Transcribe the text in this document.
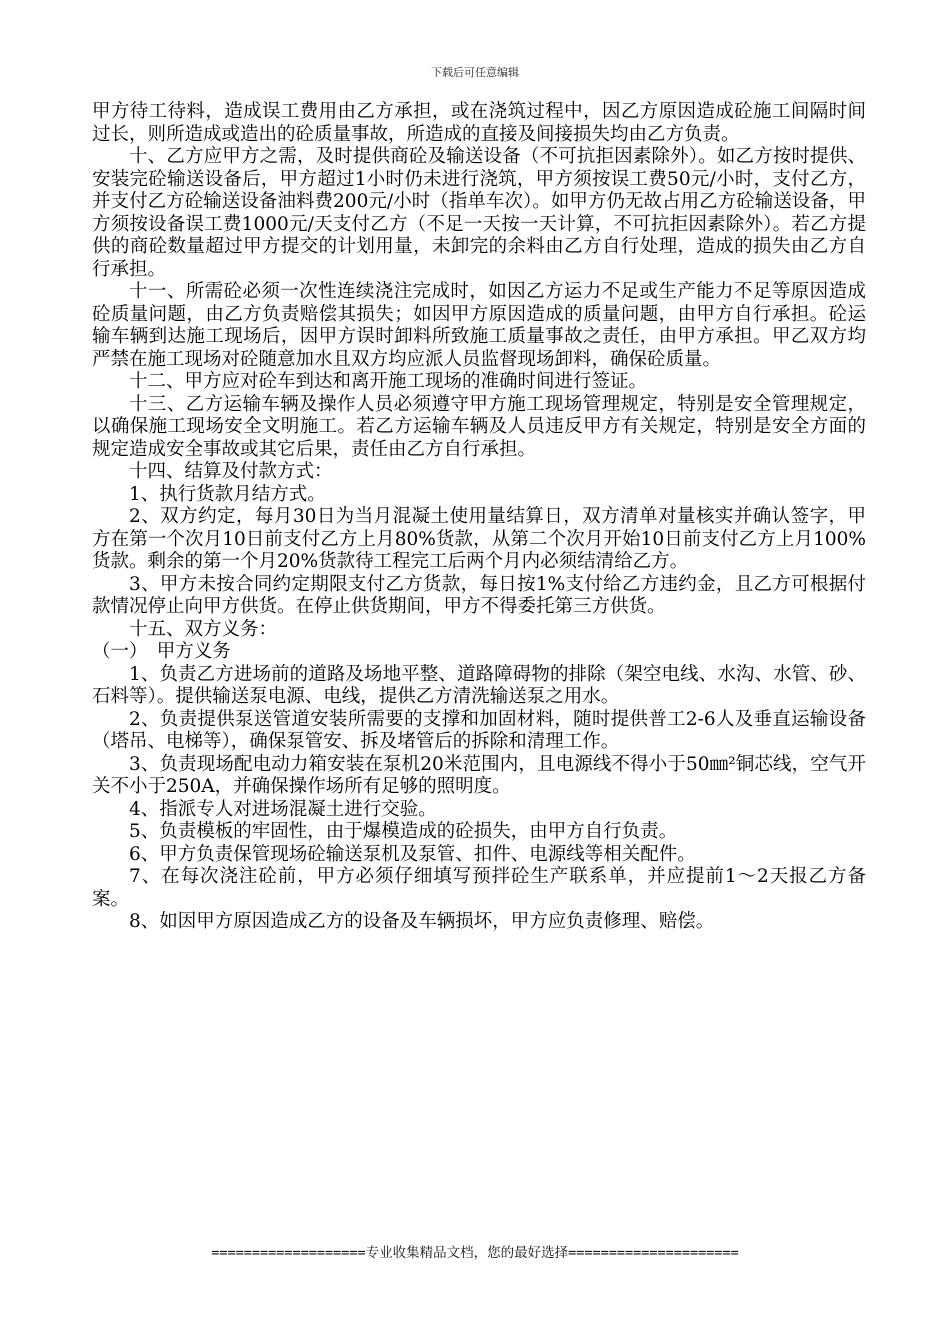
下载后可任意编辑

甲方待工待料，造成误工费用由乙方承担，或在浇筑过程中，因乙方原因造成砼施工间隔时间过长，则所造成或造出的砼质量事故，所造成的直接及间接损失均由乙方负责。

十、乙方应甲方之需，及时提供商砼及输送设备（不可抗拒因素除外）。如乙方按时提供、安装完砼输送设备后，甲方超过1小时仍未进行浇筑，甲方须按误工费50元/小时，支付乙方，并支付乙方砼输送设备油料费200元/小时（指单车次）。如甲方仍无故占用乙方砼输送设备，甲方须按设备误工费1000元/天支付乙方（不足一天按一天计算，不可抗拒因素除外）。若乙方提供的商砼数量超过甲方提交的计划用量，未卸完的余料由乙方自行处理，造成的损失由乙方自行承担。

十一、所需砼必须一次性连续浇注完成时，如因乙方运力不足或生产能力不足等原因造成砼质量问题，由乙方负责赔偿其损失；如因甲方原因造成的质量问题，由甲方自行承担。砼运输车辆到达施工现场后，因甲方误时卸料所致施工质量事故之责任，由甲方承担。甲乙双方均严禁在施工现场对砼随意加水且双方均应派人员监督现场卸料，确保砼质量。

十二、甲方应对砼车到达和离开施工现场的准确时间进行签证。

十三、乙方运输车辆及操作人员必须遵守甲方施工现场管理规定，特别是安全管理规定，以确保施工现场安全文明施工。若乙方运输车辆及人员违反甲方有关规定，特别是安全方面的规定造成安全事故或其它后果，责任由乙方自行承担。

十四、结算及付款方式：

1、执行货款月结方式。

2、双方约定，每月30日为当月混凝土使用量结算日，双方清单对量核实并确认签字，甲方在第一个次月10日前支付乙方上月80%货款，从第二个次月开始10日前支付乙方上月100%货款。剩余的第一个月20%货款待工程完工后两个月内必须结清给乙方。

3、甲方未按合同约定期限支付乙方货款，每日按1%支付给乙方违约金，且乙方可根据付款情况停止向甲方供货。在停止供货期间，甲方不得委托第三方供货。

十五、双方义务：

（一）　甲方义务

1、负责乙方进场前的道路及场地平整、道路障碍物的排除（架空电线、水沟、水管、砂、石料等）。提供输送泵电源、电线，提供乙方清洗输送泵之用水。

2、负责提供泵送管道安装所需要的支撑和加固材料，随时提供普工2-6人及垂直运输设备（塔吊、电梯等），确保泵管安、拆及堵管后的拆除和清理工作。

3、负责现场配电动力箱安装在泵机20米范围内，且电源线不得小于50㎜²铜芯线，空气开关不小于250A，并确保操作场所有足够的照明度。

4、指派专人对进场混凝土进行交验。

5、负责模板的牢固性，由于爆模造成的砼损失，由甲方自行负责。

6、甲方负责保管现场砼输送泵机及泵管、扣件、电源线等相关配件。

7、在每次浇注砼前，甲方必须仔细填写预拌砼生产联系单，并应提前1～2天报乙方备案。

8、如因甲方原因造成乙方的设备及车辆损坏，甲方应负责修理、赔偿。

===================专业收集精品文档，您的最好选择=====================
